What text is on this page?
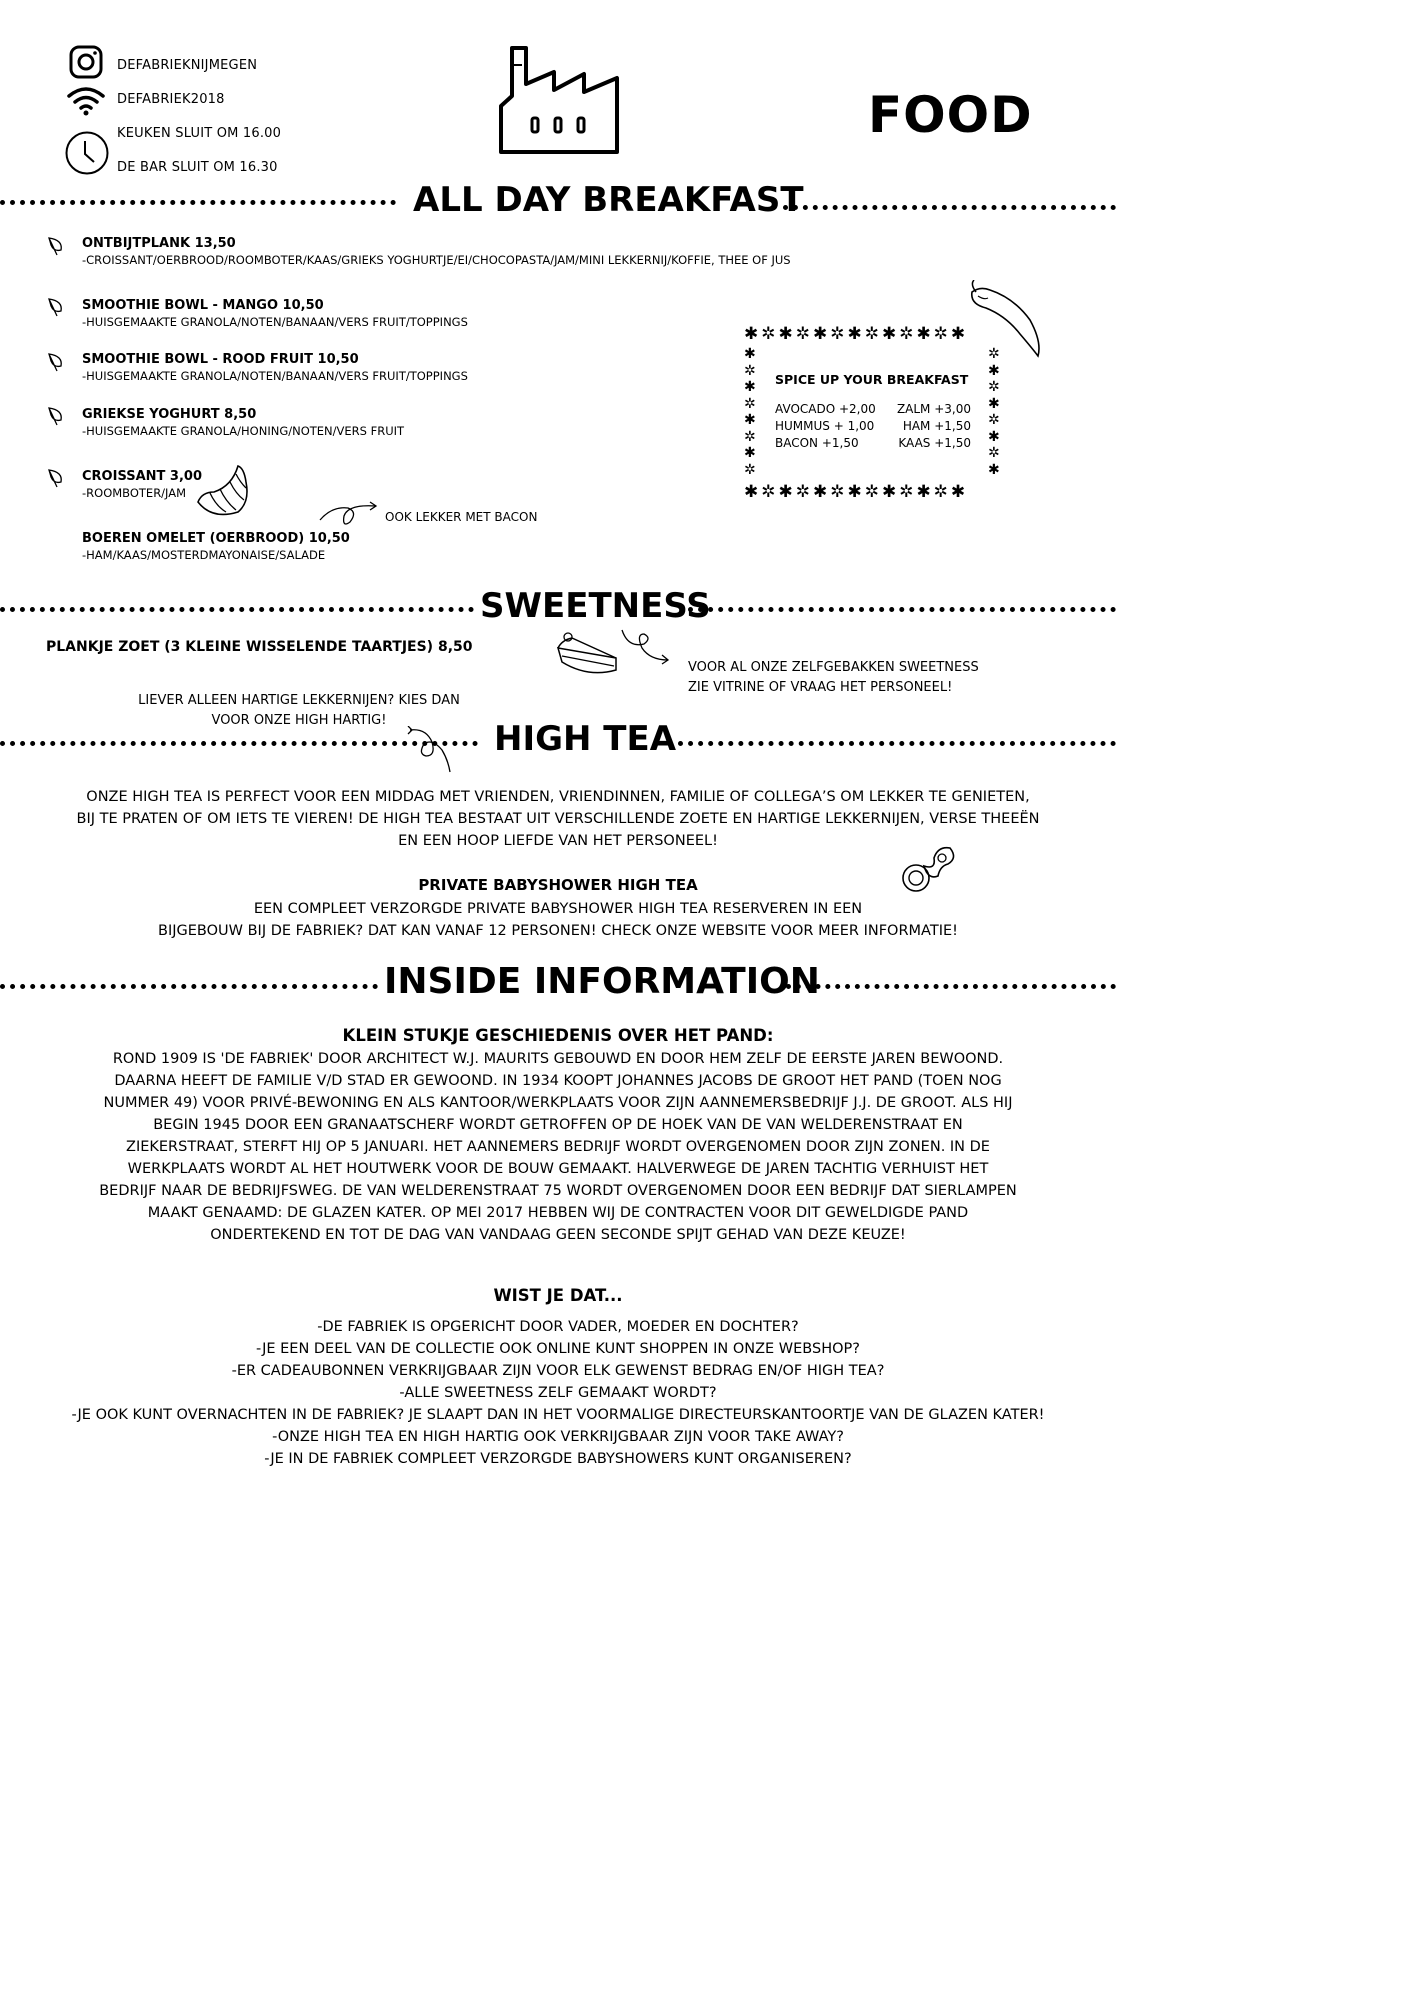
DEFABRIEKNIJMEGEN
DEFABRIEK2018
KEUKEN SLUIT OM 16.00
DE BAR SLUIT OM 16.30
FOOD
ALL DAY BREAKFAST
ONTBIJTPLANK 13,50
-CROISSANT/OERBROOD/ROOMBOTER/KAAS/GRIEKS YOGHURTJE/EI/CHOCOPASTA/JAM/MINI LEKKERNIJ/KOFFIE, THEE OF JUS
SMOOTHIE BOWL - MANGO 10,50
-HUISGEMAAKTE GRANOLA/NOTEN/BANAAN/VERS FRUIT/TOPPINGS
SMOOTHIE BOWL - ROOD FRUIT 10,50
-HUISGEMAAKTE GRANOLA/NOTEN/BANAAN/VERS FRUIT/TOPPINGS
GRIEKSE YOGHURT 8,50
-HUISGEMAAKTE GRANOLA/HONING/NOTEN/VERS FRUIT
CROISSANT 3,00
-ROOMBOTER/JAM
BOEREN OMELET (OERBROOD) 10,50
-HAM/KAAS/MOSTERDMAYONAISE/SALADE
OOK LEKKER MET BACON
✱✲✱✲✱✲✱✲✱✲✱✲✱
✱✲✱✲✱✲✱✲✱✲✱✲✱
✱
✲
✱
✲
✱
✲
✱
✲
✲
✱
✲
✱
✲
✱
✲
✱
SPICE UP YOUR BREAKFAST
AVOCADO +2,00 ZALM +3,00
HUMMUS + 1,00 HAM +1,50
BACON +1,50	KAAS +1,50
SWEETNESS
PLANKJE ZOET (3 KLEINE WISSELENDE TAARTJES) 8,50
VOOR AL ONZE ZELFGEBAKKEN SWEETNESS
ZIE VITRINE OF VRAAG HET PERSONEEL!
LIEVER ALLEEN HARTIGE LEKKERNIJEN? KIES DAN
VOOR ONZE HIGH HARTIG!	HIGH TEA
ONZE HIGH TEA IS PERFECT VOOR EEN MIDDAG MET VRIENDEN, VRIENDINNEN, FAMILIE OF COLLEGA’S OM LEKKER TE GENIETEN,
BIJ TE PRATEN OF OM IETS TE VIEREN! DE HIGH TEA BESTAAT UIT VERSCHILLENDE ZOETE EN HARTIGE LEKKERNIJEN, VERSE THEEËN
EN EEN HOOP LIEFDE VAN HET PERSONEEL!
PRIVATE BABYSHOWER HIGH TEA
EEN COMPLEET VERZORGDE PRIVATE BABYSHOWER HIGH TEA RESERVEREN IN EEN
BIJGEBOUW BIJ DE FABRIEK? DAT KAN VANAF 12 PERSONEN! CHECK ONZE WEBSITE VOOR MEER INFORMATIE!
INSIDE INFORMATION
KLEIN STUKJE GESCHIEDENIS OVER HET PAND:
ROND 1909 IS 'DE FABRIEK' DOOR ARCHITECT W.J. MAURITS GEBOUWD EN DOOR HEM ZELF DE EERSTE JAREN BEWOOND.
DAARNA HEEFT DE FAMILIE V/D STAD ER GEWOOND. IN 1934 KOOPT JOHANNES JACOBS DE GROOT HET PAND (TOEN NOG
NUMMER 49) VOOR PRIVÉ-BEWONING EN ALS KANTOOR/WERKPLAATS VOOR ZIJN AANNEMERSBEDRIJF J.J. DE GROOT. ALS HIJ
BEGIN 1945 DOOR EEN GRANAATSCHERF WORDT GETROFFEN OP DE HOEK VAN DE VAN WELDERENSTRAAT EN
ZIEKERSTRAAT, STERFT HIJ OP 5 JANUARI. HET AANNEMERS BEDRIJF WORDT OVERGENOMEN DOOR ZIJN ZONEN. IN DE
WERKPLAATS WORDT AL HET HOUTWERK VOOR DE BOUW GEMAAKT. HALVERWEGE DE JAREN TACHTIG VERHUIST HET
BEDRIJF NAAR DE BEDRIJFSWEG. DE VAN WELDERENSTRAAT 75 WORDT OVERGENOMEN DOOR EEN BEDRIJF DAT SIERLAMPEN
MAAKT GENAAMD: DE GLAZEN KATER. OP MEI 2017 HEBBEN WIJ DE CONTRACTEN VOOR DIT GEWELDIGDE PAND
ONDERTEKEND EN TOT DE DAG VAN VANDAAG GEEN SECONDE SPIJT GEHAD VAN DEZE KEUZE!
WIST JE DAT...
-DE FABRIEK IS OPGERICHT DOOR VADER, MOEDER EN DOCHTER?
-JE EEN DEEL VAN DE COLLECTIE OOK ONLINE KUNT SHOPPEN IN ONZE WEBSHOP?
-ER CADEAUBONNEN VERKRIJGBAAR ZIJN VOOR ELK GEWENST BEDRAG EN/OF HIGH TEA?
-ALLE SWEETNESS ZELF GEMAAKT WORDT?
-JE OOK KUNT OVERNACHTEN IN DE FABRIEK? JE SLAAPT DAN IN HET VOORMALIGE DIRECTEURSKANTOORTJE VAN DE GLAZEN KATER!
-ONZE HIGH TEA EN HIGH HARTIG OOK VERKRIJGBAAR ZIJN VOOR TAKE AWAY?
-JE IN DE FABRIEK COMPLEET VERZORGDE BABYSHOWERS KUNT ORGANISEREN?
